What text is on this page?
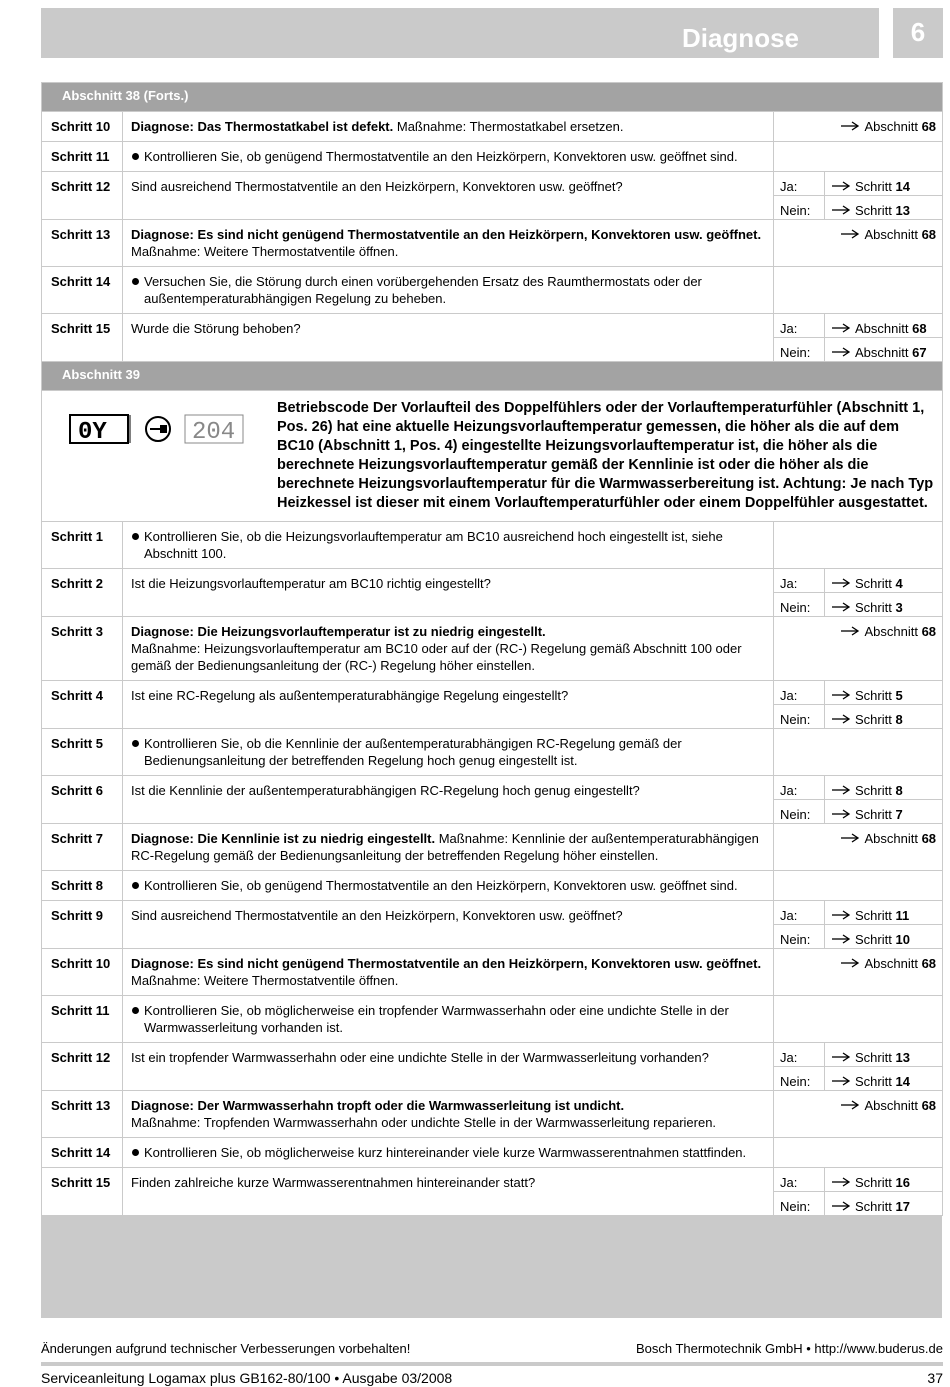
Diagnose	6
Abschnitt 38 (Forts.)			
Schritt 10	Diagnose: Das Thermostatkabel ist defekt. Maßnahme: Thermostatkabel ersetzen.	Abschnitt 68	
Schritt 11	Kontrollieren Sie, ob genügend Thermostatventile an den Heizkörpern, Konvektoren usw. geöffnet sind.		

Schritt 12	Sind ausreichend Thermostatventile an den Heizkörpern, Konvektoren usw. geöffnet?	Ja:	Schritt 14
		Nein:	Schritt 13
Schritt 13	Diagnose: Es sind nicht genügend Thermostatventile an den Heizkörpern, Konvektoren usw. geöffnet. Maßnahme: Weitere Thermostatventile öffnen.	Abschnitt 68	
Schritt 14	Versuchen Sie, die Störung durch einen vorübergehenden Ersatz des Raumthermostats oder der außentemperaturabhängigen Regelung zu beheben.		

Schritt 15	Wurde die Störung behoben?	Ja:	Abschnitt 68
		Nein:	Abschnitt 67
Abschnitt 39			

0Y 204
Betriebscode Der Vorlaufteil des Doppelfühlers oder der Vorlauftemperaturfühler (Abschnitt 1, Pos. 26) hat eine aktuelle Heizungsvorlauftemperatur gemessen, die höher als die auf dem BC10 (Abschnitt 1, Pos. 4) eingestellte Heizungsvorlauftemperatur ist, die höher als die berechnete Heizungsvorlauftemperatur gemäß der Kennlinie ist oder die höher als die berechnete Heizungsvorlauftemperatur für die Warmwasserbereitung ist. Achtung: Je nach Typ Heizkessel ist dieser mit einem Vorlauftemperaturfühler oder einem Doppelfühler ausgestattet.			

Schritt 1	Kontrollieren Sie, ob die Heizungsvorlauftemperatur am BC10 ausreichend hoch eingestellt ist, siehe Abschnitt 100.		

Schritt 2	Ist die Heizungsvorlauftemperatur am BC10 richtig eingestellt?	Ja:	Schritt 4
		Nein:	Schritt 3
Schritt 3	Diagnose: Die Heizungsvorlauftemperatur ist zu niedrig eingestellt.
Maßnahme: Heizungsvorlauftemperatur am BC10 oder auf der (RC-) Regelung gemäß Abschnitt 100 oder gemäß der Bedienungsanleitung der (RC-) Regelung höher einstellen.	Abschnitt 68	
Schritt 4	Ist eine RC-Regelung als außentemperaturabhängige Regelung eingestellt?	Ja:	Schritt 5
		Nein:	Schritt 8
Schritt 5	Kontrollieren Sie, ob die Kennlinie der außentemperaturabhängigen RC-Regelung gemäß der Bedienungsanleitung der betreffenden Regelung hoch genug eingestellt ist.		

Schritt 6	Ist die Kennlinie der außentemperaturabhängigen RC-Regelung hoch genug eingestellt?	Ja:	Schritt 8
		Nein:	Schritt 7
Schritt 7	Diagnose: Die Kennlinie ist zu niedrig eingestellt. Maßnahme: Kennlinie der außentemperaturabhängigen RC-Regelung gemäß der Bedienungsanleitung der betreffenden Regelung höher einstellen.	Abschnitt 68	
Schritt 8	Kontrollieren Sie, ob genügend Thermostatventile an den Heizkörpern, Konvektoren usw. geöffnet sind.		

Schritt 9	Sind ausreichend Thermostatventile an den Heizkörpern, Konvektoren usw. geöffnet?	Ja:	Schritt 11
		Nein:	Schritt 10
Schritt 10	Diagnose: Es sind nicht genügend Thermostatventile an den Heizkörpern, Konvektoren usw. geöffnet. Maßnahme: Weitere Thermostatventile öffnen.	Abschnitt 68	
Schritt 11	Kontrollieren Sie, ob möglicherweise ein tropfender Warmwasserhahn oder eine undichte Stelle in der Warmwasserleitung vorhanden ist.		

Schritt 12	Ist ein tropfender Warmwasserhahn oder eine undichte Stelle in der Warmwasserleitung vorhanden?	Ja:	Schritt 13
		Nein:	Schritt 14
Schritt 13	Diagnose: Der Warmwasserhahn tropft oder die Warmwasserleitung ist undicht.
Maßnahme: Tropfenden Warmwasserhahn oder undichte Stelle in der Warmwasserleitung reparieren.	Abschnitt 68	
Schritt 14	Kontrollieren Sie, ob möglicherweise kurz hintereinander viele kurze Warmwasserentnahmen stattfinden.		

Schritt 15	Finden zahlreiche kurze Warmwasserentnahmen hintereinander statt?	Ja:	Schritt 16
		Nein:	Schritt 17
Änderungen aufgrund technischer Verbesserungen vorbehalten!	Bosch Thermotechnik GmbH • http://www.buderus.de
Serviceanleitung Logamax plus GB162-80/100 • Ausgabe 03/2008	37
